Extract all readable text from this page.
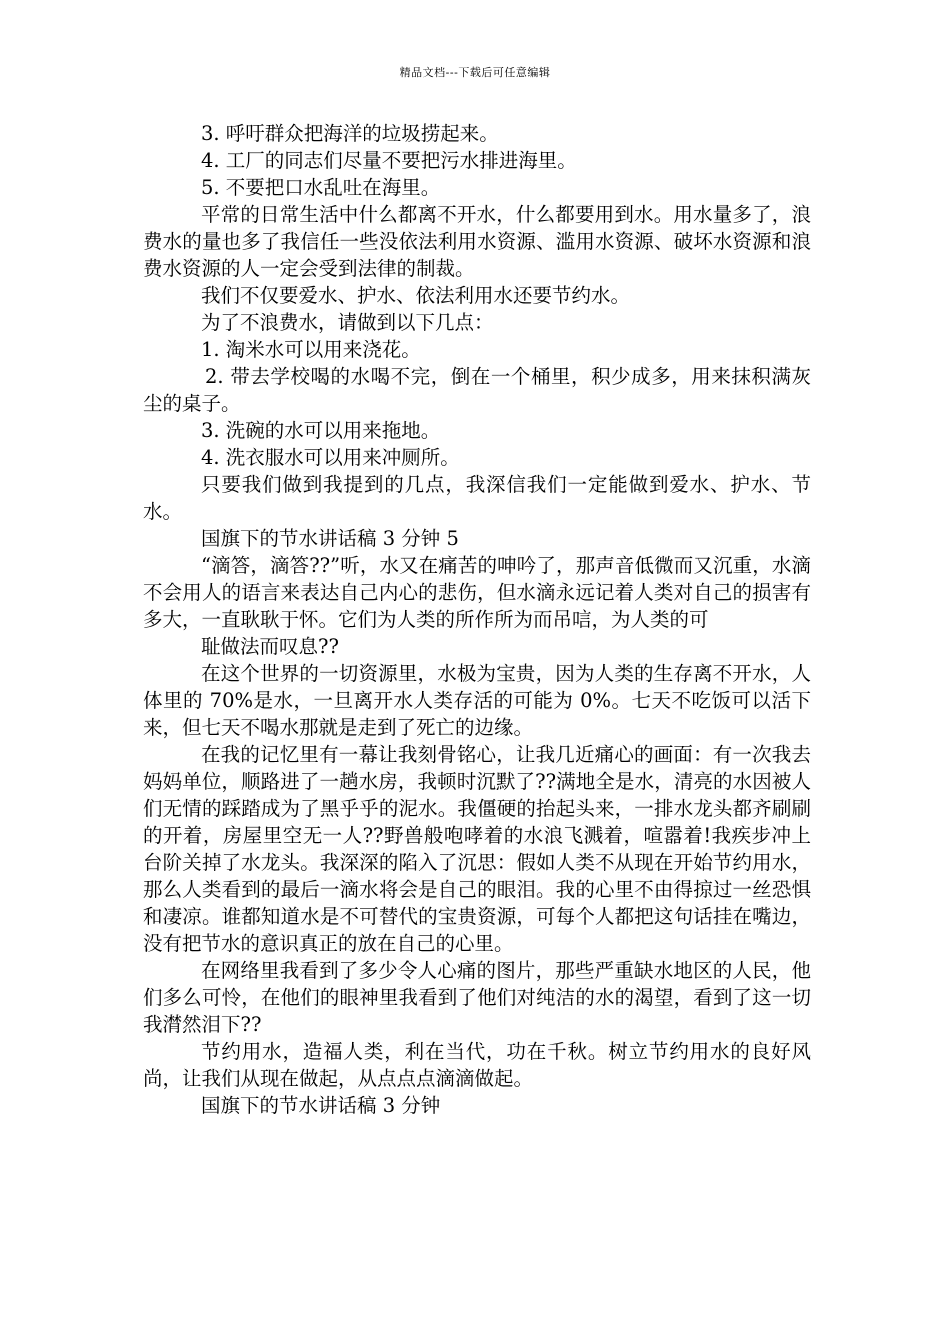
精品文档---下载后可任意编辑

3. 呼吁群众把海洋的垃圾捞起来。

4. 工厂的同志们尽量不要把污水排进海里。

5. 不要把口水乱吐在海里。

平常的日常生活中什么都离不开水，什么都要用到水。用水量多了，浪费水的量也多了我信任一些没依法利用水资源、滥用水资源、破坏水资源和浪费水资源的人一定会受到法律的制裁。

我们不仅要爱水、护水、依法利用水还要节约水。

为了不浪费水，请做到以下几点：

1. 淘米水可以用来浇花。

2. 带去学校喝的水喝不完，倒在一个桶里，积少成多，用来抹积满灰尘的桌子。

3. 洗碗的水可以用来拖地。

4. 洗衣服水可以用来冲厕所。

只要我们做到我提到的几点，我深信我们一定能做到爱水、护水、节水。

国旗下的节水讲话稿 3 分钟 5

“滴答，滴答??”听，水又在痛苦的呻吟了，那声音低微而又沉重，水滴不会用人的语言来表达自己内心的悲伤，但水滴永远记着人类对自己的损害有多大，一直耿耿于怀。它们为人类的所作所为而吊唁，为人类的可

耻做法而叹息??

在这个世界的一切资源里，水极为宝贵，因为人类的生存离不开水，人体里的 70%是水，一旦离开水人类存活的可能为 0%。七天不吃饭可以活下来，但七天不喝水那就是走到了死亡的边缘。

在我的记忆里有一幕让我刻骨铭心，让我几近痛心的画面：有一次我去妈妈单位，顺路进了一趟水房，我顿时沉默了??满地全是水，清亮的水因被人们无情的踩踏成为了黑乎乎的泥水。我僵硬的抬起头来，一排水龙头都齐刷刷的开着，房屋里空无一人??野兽般咆哮着的水浪飞溅着，喧嚣着!我疾步冲上台阶关掉了水龙头。我深深的陷入了沉思：假如人类不从现在开始节约用水，那么人类看到的最后一滴水将会是自己的眼泪。我的心里不由得掠过一丝恐惧和凄凉。谁都知道水是不可替代的宝贵资源，可每个人都把这句话挂在嘴边，没有把节水的意识真正的放在自己的心里。

在网络里我看到了多少令人心痛的图片，那些严重缺水地区的人民，他们多么可怜，在他们的眼神里我看到了他们对纯洁的水的渴望，看到了这一切我潸然泪下??

节约用水，造福人类，利在当代，功在千秋。树立节约用水的良好风尚，让我们从现在做起，从点点点滴滴做起。

国旗下的节水讲话稿 3 分钟
